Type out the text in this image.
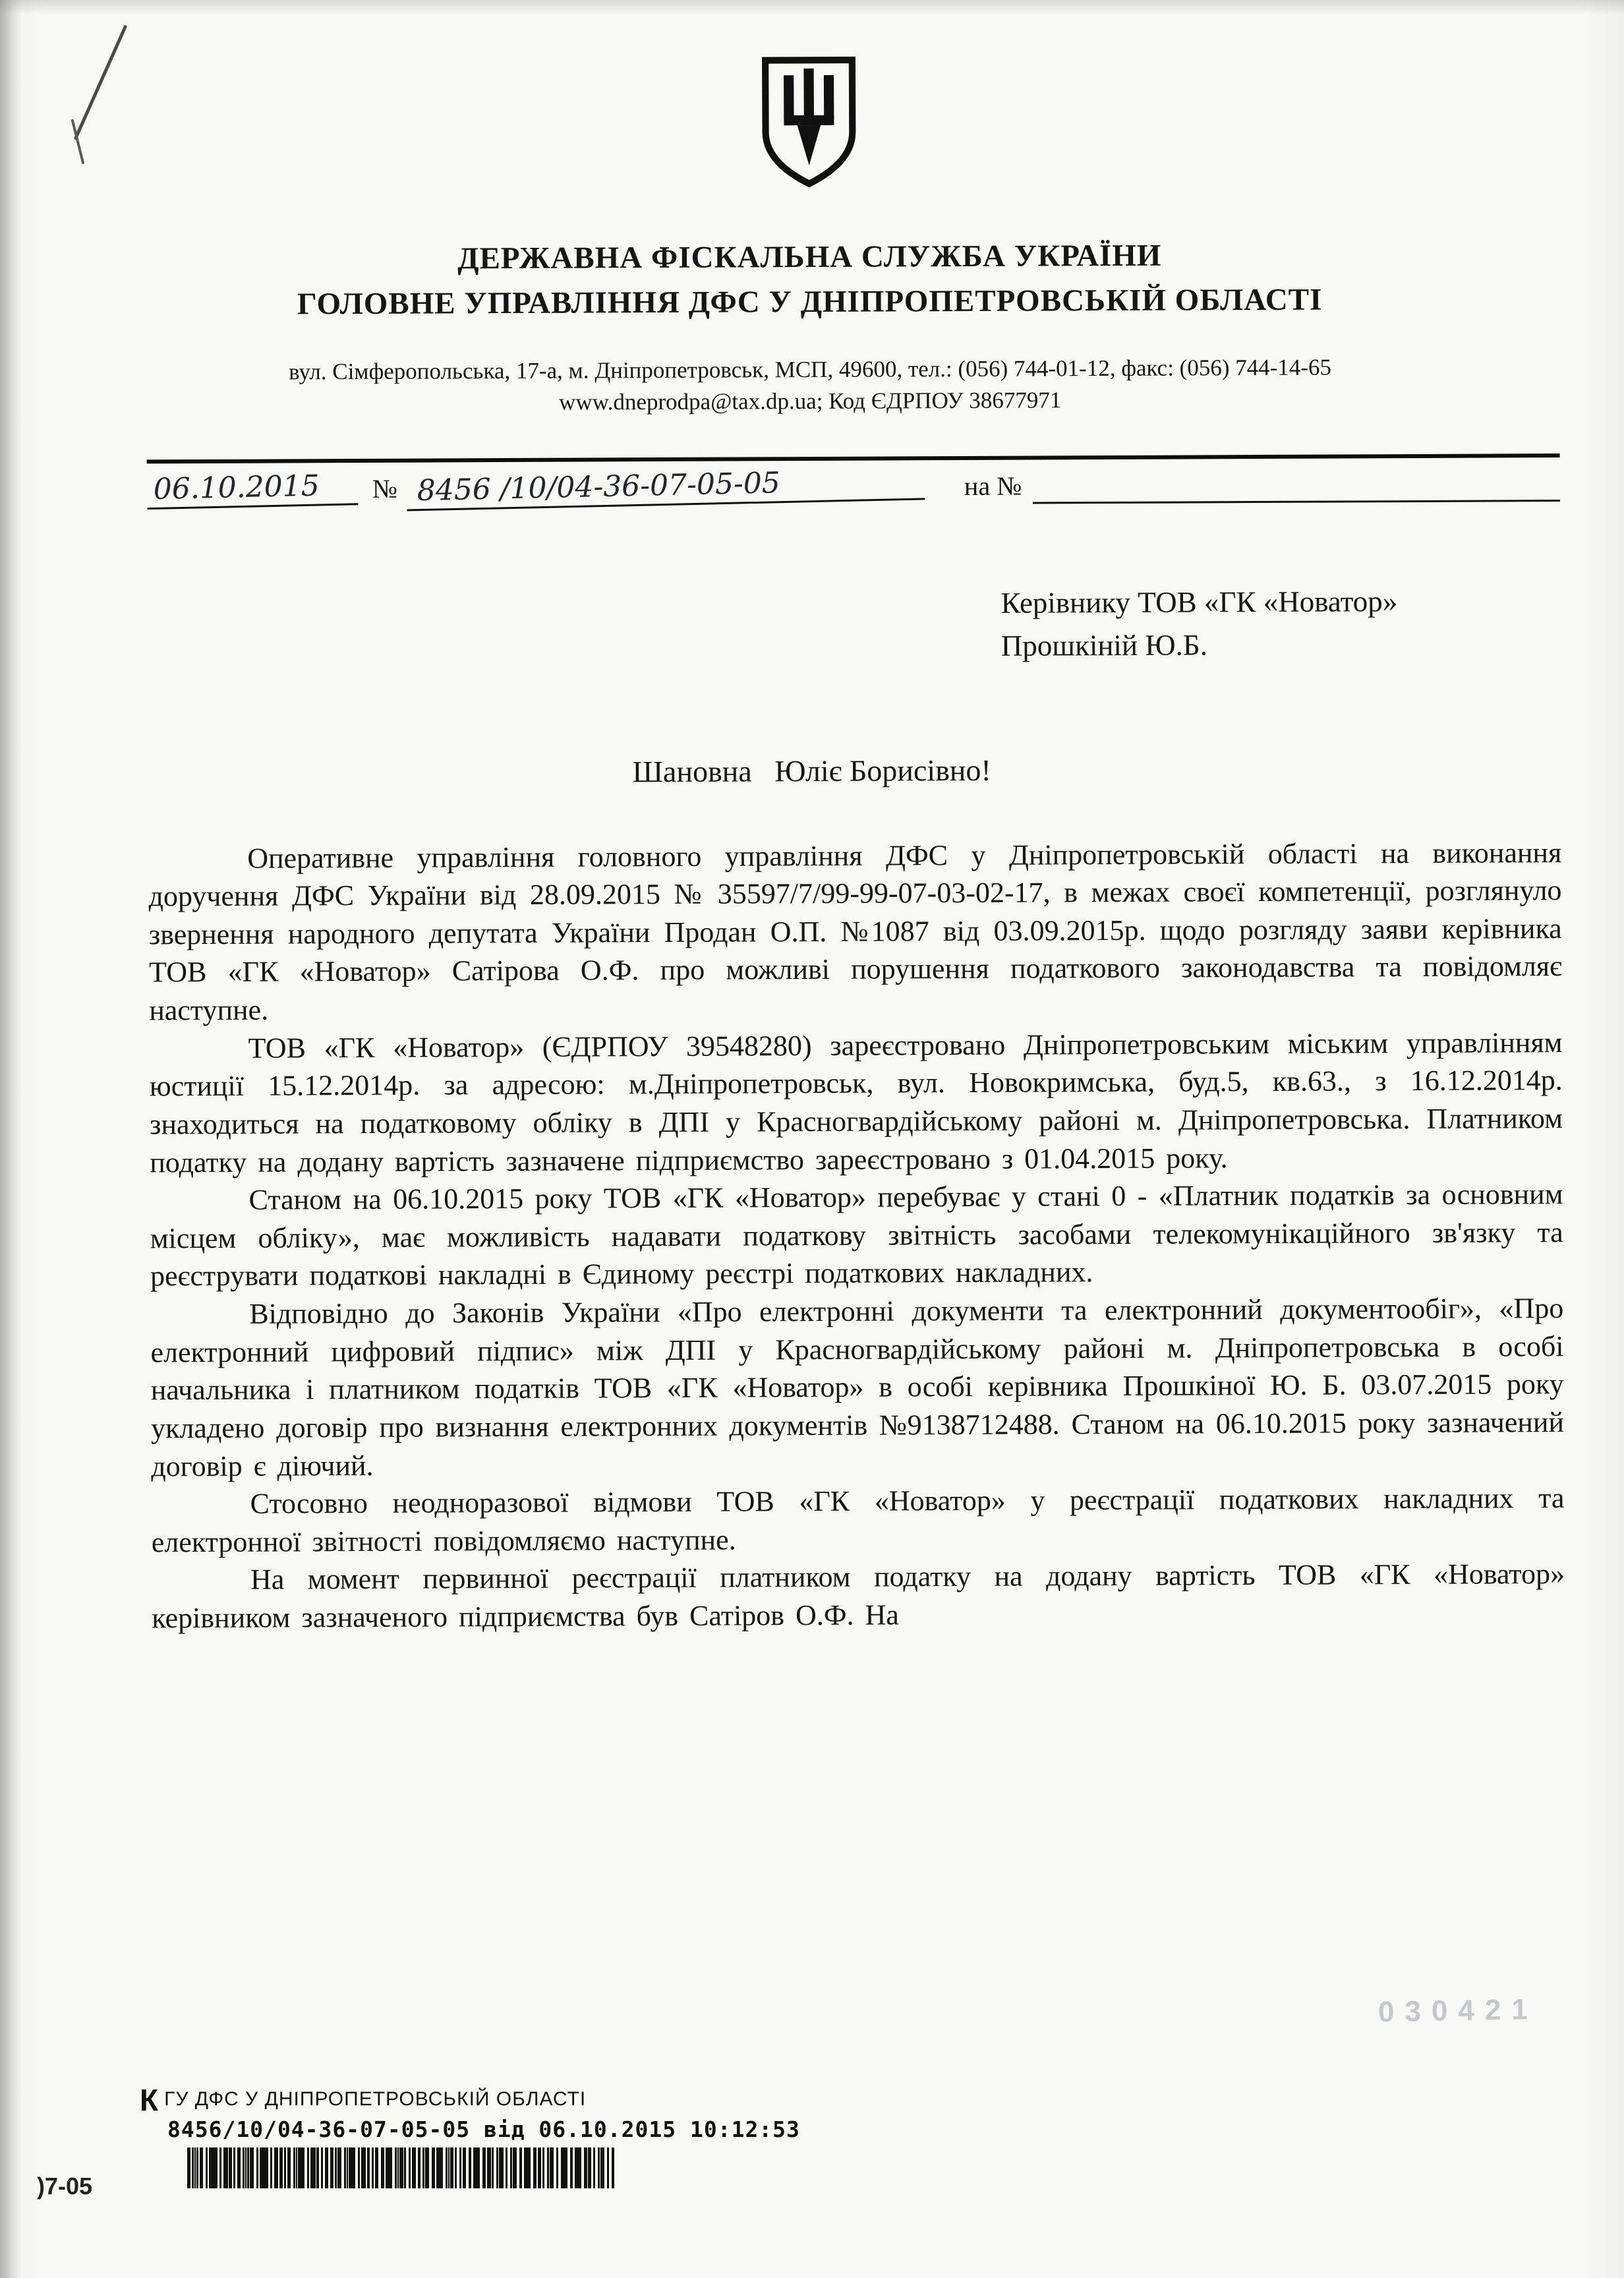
ДЕРЖАВНА ФІСКАЛЬНА СЛУЖБА УКРАЇНИ
ГОЛОВНЕ УПРАВЛІННЯ ДФС У ДНІПРОПЕТРОВСЬКІЙ ОБЛАСТІ
вул. Сімферопольська, 17-а, м. Дніпропетровськ, МСП, 49600, тел.: (056) 744-01-12, факс: (056) 744-14-65
www.dneprodpa@tax.dp.ua; Код ЄДРПОУ 38677971
06.10.2015	№ 8456 /10/04-36-07-05-05	на №
Керівнику ТОВ «ГК «Новатор»
Прошкіній Ю.Б.
Шановна   Юліє Борисівно!

Оперативне управління головного управління ДФС у Дніпропетровській області на виконання доручення ДФС України від 28.09.2015 № 35597/7/99-99-07-03-02-17, в межах своєї компетенції, розглянуло звернення народного депутата України Продан О.П. №1087 від 03.09.2015р. щодо розгляду заяви керівника ТОВ «ГК «Новатор» Сатірова О.Ф. про можливі порушення податкового законодавства та повідомляє наступне.

ТОВ «ГК «Новатор» (ЄДРПОУ 39548280) зареєстровано Дніпропетровським міським управлінням юстиції 15.12.2014р. за адресою: м.Дніпропетровськ, вул. Новокримська, буд.5, кв.63., з 16.12.2014р. знаходиться на податковому обліку в ДПІ у Красногвардійському районі м. Дніпропетровська. Платником податку на додану вартість зазначене підприємство зареєстровано з 01.04.2015 року.

Станом на 06.10.2015 року ТОВ «ГК «Новатор» перебуває у стані 0 - «Платник податків за основним місцем обліку», має можливість надавати податкову звітність засобами телекомунікаційного зв'язку та реєструвати податкові накладні в Єдиному реєстрі податкових накладних.

Відповідно до Законів України «Про електронні документи та електронний документообіг», «Про електронний цифровий підпис» між ДПІ у Красногвардійському районі м. Дніпропетровська в особі начальника і платником податків ТОВ «ГК «Новатор» в особі керівника Прошкіної Ю. Б. 03.07.2015 року укладено договір про визнання електронних документів №9138712488. Станом на 06.10.2015 року зазначений договір є діючий.

Стосовно неодноразової відмови ТОВ «ГК «Новатор» у реєстрації податкових накладних та електронної звітності повідомляємо наступне.

На момент первинної реєстрації платником податку на додану вартість ТОВ «ГК «Новатор» керівником зазначеного підприємства був Сатіров О.Ф. На

К ГУ ДФС У ДНІПРОПЕТРОВСЬКІЙ ОБЛАСТІ
8456/10/04-36-07-05-05 від 06.10.2015 10:12:53
)7-05
030421
